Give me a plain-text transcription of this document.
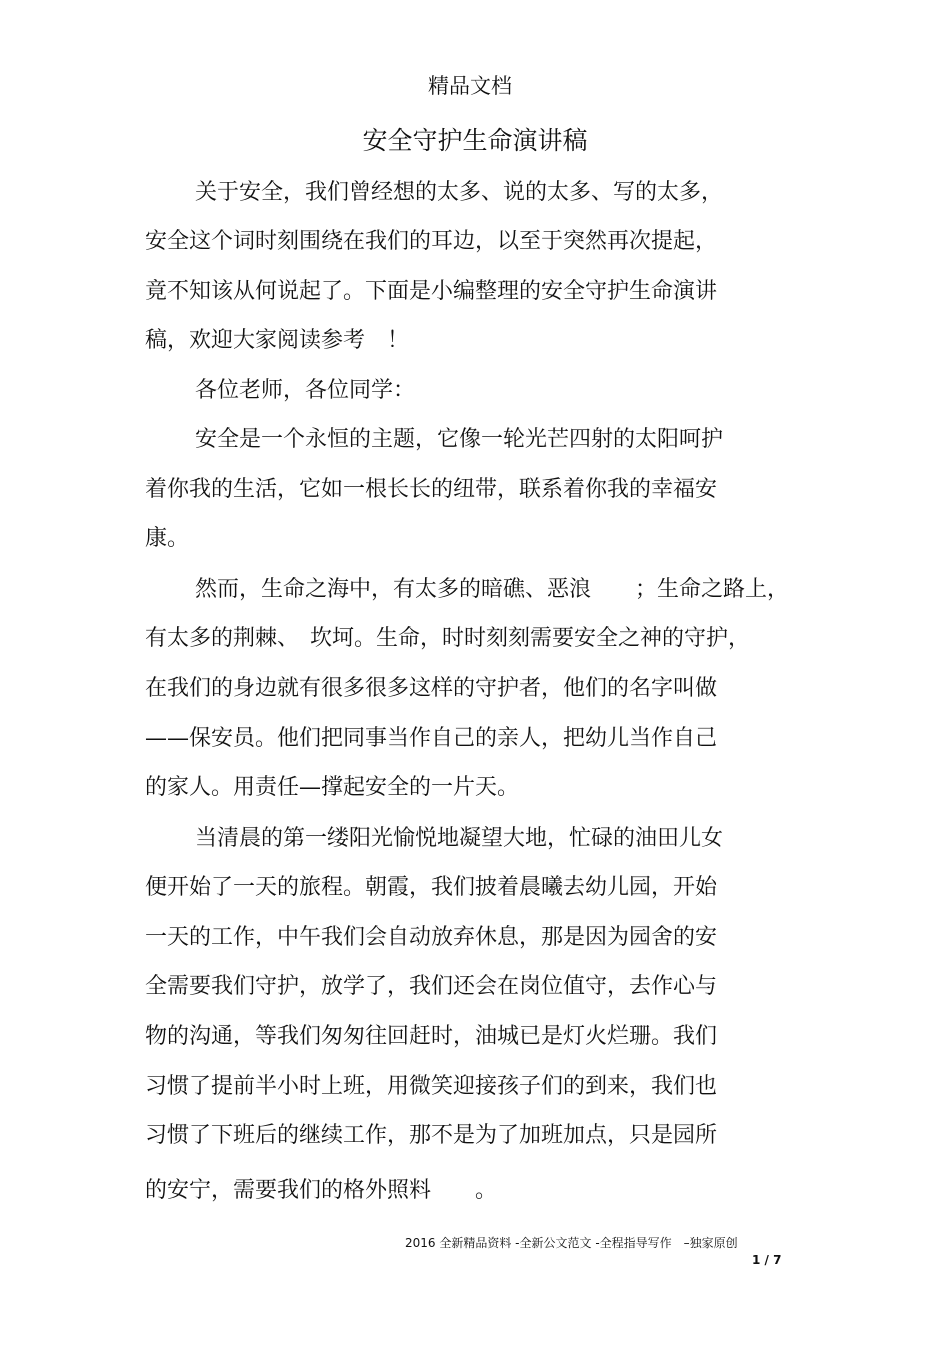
精品文档
安全守护生命演讲稿
关于安全，我们曾经想的太多、说的太多、写的太多，
安全这个词时刻围绕在我们的耳边，以至于突然再次提起，
竟不知该从何说起了。下面是小编整理的安全守护生命演讲
稿，欢迎大家阅读参考　！
各位老师，各位同学：
安全是一个永恒的主题，它像一轮光芒四射的太阳呵护
着你我的生活，它如一根长长的纽带，联系着你我的幸福安
康。
然而，生命之海中，有太多的暗礁、恶浪　　；生命之路上，
有太多的荆棘、　坎坷。生命，时时刻刻需要安全之神的守护，
在我们的身边就有很多很多这样的守护者，他们的名字叫做
——保安员。他们把同事当作自己的亲人，把幼儿当作自己
的家人。用责任—撑起安全的一片天。
当清晨的第一缕阳光愉悦地凝望大地，忙碌的油田儿女
便开始了一天的旅程。朝霞，我们披着晨曦去幼儿园，开始
一天的工作，中午我们会自动放弃休息，那是因为园舍的安
全需要我们守护，放学了，我们还会在岗位值守，去作心与
物的沟通，等我们匆匆往回赶时，油城已是灯火烂珊。我们
习惯了提前半小时上班，用微笑迎接孩子们的到来，我们也
习惯了下班后的继续工作，那不是为了加班加点，只是园所
的安宁，需要我们的格外照料　　。
2016 全新精品资料 -全新公文范文 -全程指导写作　–独家原创
1 / 7
